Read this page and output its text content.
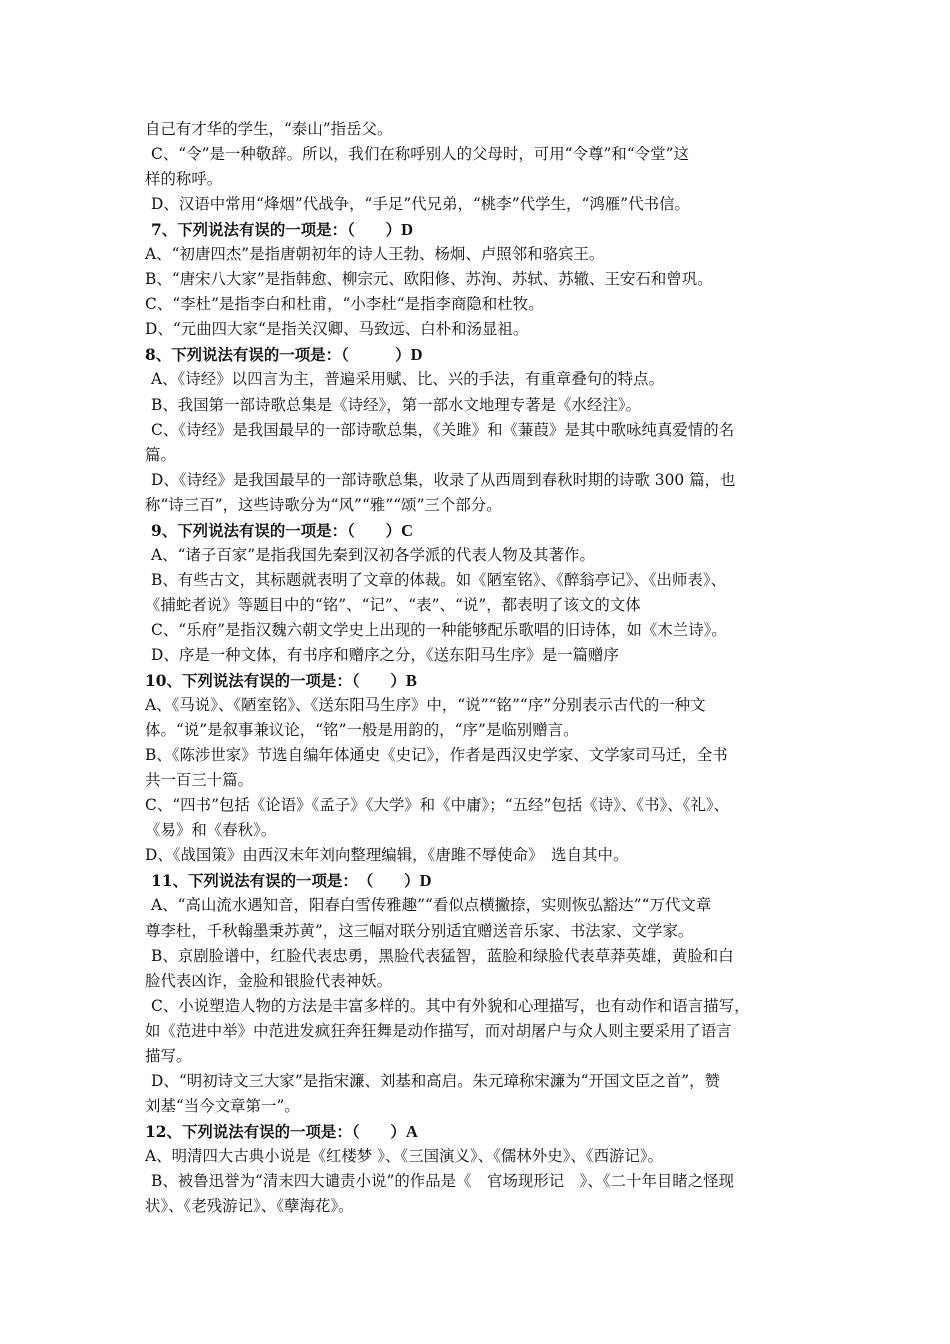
自己有才华的学生，“泰山”指岳父。
C、“令”是一种敬辞。所以，我们在称呼别人的父母时，可用“令尊”和“令堂”这
样的称呼。
D、汉语中常用“烽烟”代战争，“手足”代兄弟，“桃李”代学生，“鸿雁”代书信。
7、下列说法有误的一项是：（　　）D
A、“初唐四杰”是指唐朝初年的诗人王勃、杨炯、卢照邻和骆宾王。
B、“唐宋八大家”是指韩愈、柳宗元、欧阳修、苏洵、苏轼、苏辙、王安石和曾巩。
C、“李杜”是指李白和杜甫，“小李杜“是指李商隐和杜牧。
D、“元曲四大家“是指关汉卿、马致远、白朴和汤显祖。
8、下列说法有误的一项是：（　　　）D
A、《诗经》以四言为主，普遍采用赋、比、兴的手法，有重章叠句的特点。
B、我国第一部诗歌总集是《诗经》，第一部水文地理专著是《水经注》。
C、《诗经》是我国最早的一部诗歌总集，《关雎》和《蒹葭》是其中歌咏纯真爱情的名
篇。
D、《诗经》是我国最早的一部诗歌总集，收录了从西周到春秋时期的诗歌 300 篇，也
称“诗三百”，这些诗歌分为“风”“雅”“颂”三个部分。
9、下列说法有误的一项是：（　　）C
A、“诸子百家”是指我国先秦到汉初各学派的代表人物及其著作。
B、有些古文，其标题就表明了文章的体裁。如《陋室铭》、《醉翁亭记》、《出师表》、
《捕蛇者说》等题目中的“铭”、“记”、“表”、“说”，都表明了该文的文体
C、“乐府”是指汉魏六朝文学史上出现的一种能够配乐歌唱的旧诗体，如《木兰诗》。
D、序是一种文体，有书序和赠序之分，《送东阳马生序》是一篇赠序
10、下列说法有误的一项是：（　　）B
A、《马说》、《陋室铭》、《送东阳马生序》中，“说”“铭”“序”分别表示古代的一种文
体。“说”是叙事兼议论，“铭”一般是用韵的，“序”是临别赠言。
B、《陈涉世家》节选自编年体通史《史记》，作者是西汉史学家、文学家司马迁，全书
共一百三十篇。
C、“四书”包括《论语》《孟子》《大学》和《中庸》；“五经”包括《诗》、《书》、《礼》、
《易》和《春秋》。
D、《战国策》由西汉末年刘向整理编辑，《唐雎不辱使命》　选自其中。
11、下列说法有误的一项是：　（　　）D
A、“高山流水遇知音，阳春白雪传雅趣”“看似点横撇捺，实则恢弘豁达”“万代文章
尊李杜，千秋翰墨秉苏黄”，这三幅对联分别适宜赠送音乐家、书法家、文学家。
B、京剧脸谱中，红脸代表忠勇，黑脸代表猛智，蓝脸和绿脸代表草莽英雄，黄脸和白
脸代表凶诈，金脸和银脸代表神妖。
C、小说塑造人物的方法是丰富多样的。其中有外貌和心理描写，也有动作和语言描写，
如《范进中举》中范进发疯狂奔狂舞是动作描写，而对胡屠户与众人则主要采用了语言
描写。
D、“明初诗文三大家”是指宋濂、刘基和高启。朱元璋称宋濂为“开国文臣之首”，赞
刘基“当今文章第一”。
12、下列说法有误的一项是：（　　）A
A、明清四大古典小说是《红楼梦 》、《三国演义》、《儒林外史》、《西游记》。
B、被鲁迅誉为“清末四大谴责小说”的作品是《　官场现形记　》、《二十年目睹之怪现
状》、《老残游记》、《孽海花》。
